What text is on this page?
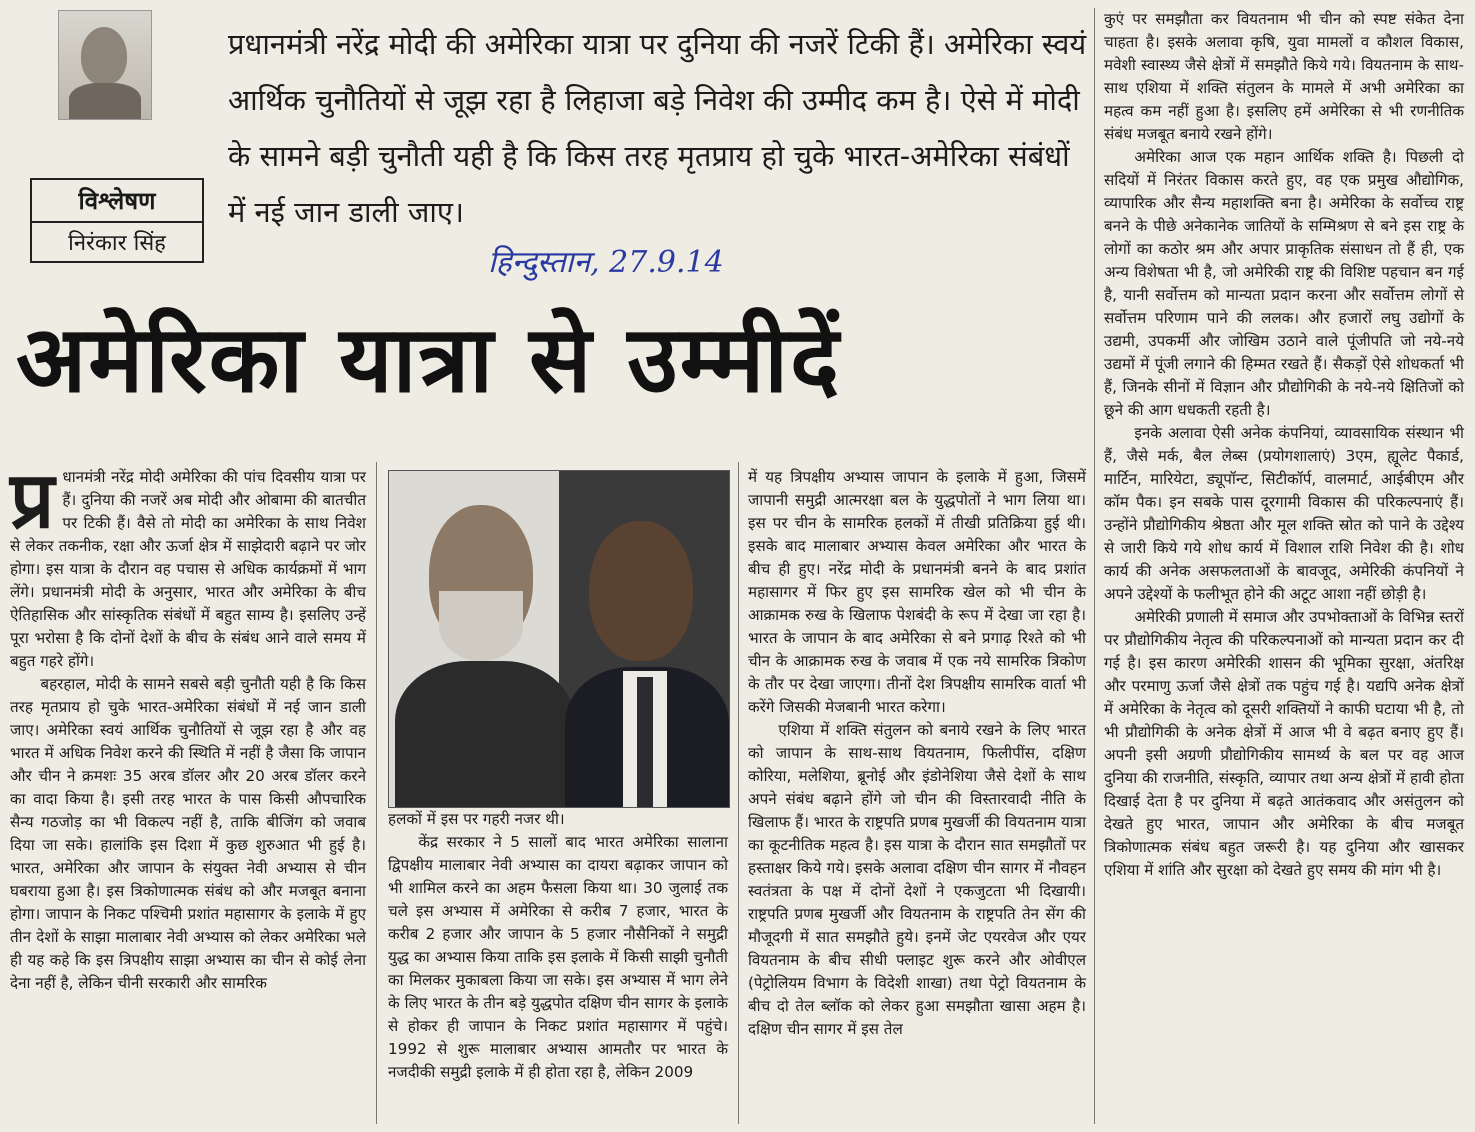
विश्लेषण
निरंकार सिंह
प्रधानमंत्री नरेंद्र मोदी की अमेरिका यात्रा पर दुनिया की नजरें टिकी हैं। अमेरिका स्वयं आर्थिक चुनौतियों से जूझ रहा है लिहाजा बड़े निवेश की उम्मीद कम है। ऐसे में मोदी के सामने बड़ी चुनौती यही है कि किस तरह मृतप्राय हो चुके भारत-अमेरिका संबंधों में नई जान डाली जाए।
हिन्दुस्तान, 27.9.14
अमेरिका यात्रा से उम्मीदें

प्र धानमंत्री नरेंद्र मोदी अमेरिका की पांच दिवसीय यात्रा पर हैं। दुनिया की नजरें अब मोदी और ओबामा की बातचीत पर टिकी हैं। वैसे तो मोदी का अमेरिका के साथ निवेश से लेकर तकनीक, रक्षा और ऊर्जा क्षेत्र में साझेदारी बढ़ाने पर जोर होगा। इस यात्रा के दौरान वह पचास से अधिक कार्यक्रमों में भाग लेंगे। प्रधानमंत्री मोदी के अनुसार, भारत और अमेरिका के बीच ऐतिहासिक और सांस्कृतिक संबंधों में बहुत साम्य है। इसलिए उन्हें पूरा भरोसा है कि दोनों देशों के बीच के संबंध आने वाले समय में बहुत गहरे होंगे।

बहरहाल, मोदी के सामने सबसे बड़ी चुनौती यही है कि किस तरह मृतप्राय हो चुके भारत-अमेरिका संबंधों में नई जान डाली जाए। अमेरिका स्वयं आर्थिक चुनौतियों से जूझ रहा है और वह भारत में अधिक निवेश करने की स्थिति में नहीं है जैसा कि जापान और चीन ने क्रमशः 35 अरब डॉलर और 20 अरब डॉलर करने का वादा किया है। इसी तरह भारत के पास किसी औपचारिक सैन्य गठजोड़ का भी विकल्प नहीं है, ताकि बीजिंग को जवाब दिया जा सके। हालांकि इस दिशा में कुछ शुरुआत भी हुई है। भारत, अमेरिका और जापान के संयुक्त नेवी अभ्यास से चीन घबराया हुआ है। इस त्रिकोणात्मक संबंध को और मजबूत बनाना होगा। जापान के निकट पश्चिमी प्रशांत महासागर के इलाके में हुए तीन देशों के साझा मालाबार नेवी अभ्यास को लेकर अमेरिका भले ही यह कहे कि इस त्रिपक्षीय साझा अभ्यास का चीन से कोई लेना देना नहीं है, लेकिन चीनी सरकारी और सामरिक

हलकों में इस पर गहरी नजर थी।

केंद्र सरकार ने 5 सालों बाद भारत अमेरिका सालाना द्विपक्षीय मालाबार नेवी अभ्यास का दायरा बढ़ाकर जापान को भी शामिल करने का अहम फैसला किया था। 30 जुलाई तक चले इस अभ्यास में अमेरिका से करीब 7 हजार, भारत के करीब 2 हजार और जापान के 5 हजार नौसैनिकों ने समुद्री युद्ध का अभ्यास किया ताकि इस इलाके में किसी साझी चुनौती का मिलकर मुकाबला किया जा सके। इस अभ्यास में भाग लेने के लिए भारत के तीन बड़े युद्धपोत दक्षिण चीन सागर के इलाके से होकर ही जापान के निकट प्रशांत महासागर में पहुंचे। 1992 से शुरू मालाबार अभ्यास आमतौर पर भारत के नजदीकी समुद्री इलाके में ही होता रहा है, लेकिन 2009

में यह त्रिपक्षीय अभ्यास जापान के इलाके में हुआ, जिसमें जापानी समुद्री आत्मरक्षा बल के युद्धपोतों ने भाग लिया था। इस पर चीन के सामरिक हलकों में तीखी प्रतिक्रिया हुई थी। इसके बाद मालाबार अभ्यास केवल अमेरिका और भारत के बीच ही हुए। नरेंद्र मोदी के प्रधानमंत्री बनने के बाद प्रशांत महासागर में फिर हुए इस सामरिक खेल को भी चीन के आक्रामक रुख के खिलाफ पेशबंदी के रूप में देखा जा रहा है। भारत के जापान के बाद अमेरिका से बने प्रगाढ़ रिश्ते को भी चीन के आक्रामक रुख के जवाब में एक नये सामरिक त्रिकोण के तौर पर देखा जाएगा। तीनों देश त्रिपक्षीय सामरिक वार्ता भी करेंगे जिसकी मेजबानी भारत करेगा।

एशिया में शक्ति संतुलन को बनाये रखने के लिए भारत को जापान के साथ-साथ वियतनाम, फिलीपींस, दक्षिण कोरिया, मलेशिया, ब्रूनोई और इंडोनेशिया जैसे देशों के साथ अपने संबंध बढ़ाने होंगे जो चीन की विस्तारवादी नीति के खिलाफ हैं। भारत के राष्ट्रपति प्रणब मुखर्जी की वियतनाम यात्रा का कूटनीतिक महत्व है। इस यात्रा के दौरान सात समझौतों पर हस्ताक्षर किये गये। इसके अलावा दक्षिण चीन सागर में नौवहन स्वतंत्रता के पक्ष में दोनों देशों ने एकजुटता भी दिखायी। राष्ट्रपति प्रणब मुखर्जी और वियतनाम के राष्ट्रपति तेन सेंग की मौजूदगी में सात समझौते हुये। इनमें जेट एयरवेज और एयर वियतनाम के बीच सीधी फ्लाइट शुरू करने और ओवीएल (पेट्रोलियम विभाग के विदेशी शाखा) तथा पेट्रो वियतनाम के बीच दो तेल ब्लॉक को लेकर हुआ समझौता खासा अहम है। दक्षिण चीन सागर में इस तेल

कुएं पर समझौता कर वियतनाम भी चीन को स्पष्ट संकेत देना चाहता है। इसके अलावा कृषि, युवा मामलों व कौशल विकास, मवेशी स्वास्थ्य जैसे क्षेत्रों में समझौते किये गये। वियतनाम के साथ-साथ एशिया में शक्ति संतुलन के मामले में अभी अमेरिका का महत्व कम नहीं हुआ है। इसलिए हमें अमेरिका से भी रणनीतिक संबंध मजबूत बनाये रखने होंगे।

अमेरिका आज एक महान आर्थिक शक्ति है। पिछली दो सदियों में निरंतर विकास करते हुए, वह एक प्रमुख औद्योगिक, व्यापारिक और सैन्य महाशक्ति बना है। अमेरिका के सर्वोच्च राष्ट्र बनने के पीछे अनेकानेक जातियों के सम्मिश्रण से बने इस राष्ट्र के लोगों का कठोर श्रम और अपार प्राकृतिक संसाधन तो हैं ही, एक अन्य विशेषता भी है, जो अमेरिकी राष्ट्र की विशिष्ट पहचान बन गई है, यानी सर्वोत्तम को मान्यता प्रदान करना और सर्वोत्तम लोगों से सर्वोत्तम परिणाम पाने की ललक। और हजारों लघु उद्योगों के उद्यमी, उपकर्मी और जोखिम उठाने वाले पूंजीपति जो नये-नये उद्यमों में पूंजी लगाने की हिम्मत रखते हैं। सैकड़ों ऐसे शोधकर्ता भी हैं, जिनके सीनों में विज्ञान और प्रौद्योगिकी के नये-नये क्षितिजों को छूने की आग धधकती रहती है।

इनके अलावा ऐसी अनेक कंपनियां, व्यावसायिक संस्थान भी हैं, जैसे मर्क, बैल लेब्स (प्रयोगशालाएं) 3एम, ह्यूलेट पैकार्ड, मार्टिन, मारियेटा, ड्यूपॉन्ट, सिटीकॉर्प, वालमार्ट, आईबीएम और कॉम पैक। इन सबके पास दूरगामी विकास की परिकल्पनाएं हैं। उन्होंने प्रौद्योगिकीय श्रेष्ठता और मूल शक्ति स्रोत को पाने के उद्देश्य से जारी किये गये शोध कार्य में विशाल राशि निवेश की है। शोध कार्य की अनेक असफलताओं के बावजूद, अमेरिकी कंपनियों ने अपने उद्देश्यों के फलीभूत होने की अटूट आशा नहीं छोड़ी है।

अमेरिकी प्रणाली में समाज और उपभोक्ताओं के विभिन्न स्तरों पर प्रौद्योगिकीय नेतृत्व की परिकल्पनाओं को मान्यता प्रदान कर दी गई है। इस कारण अमेरिकी शासन की भूमिका सुरक्षा, अंतरिक्ष और परमाणु ऊर्जा जैसे क्षेत्रों तक पहुंच गई है। यद्यपि अनेक क्षेत्रों में अमेरिका के नेतृत्व को दूसरी शक्तियों ने काफी घटाया भी है, तो भी प्रौद्योगिकी के अनेक क्षेत्रों में आज भी वे बढ़त बनाए हुए हैं। अपनी इसी अग्रणी प्रौद्योगिकीय सामर्थ्य के बल पर वह आज दुनिया की राजनीति, संस्कृति, व्यापार तथा अन्य क्षेत्रों में हावी होता दिखाई देता है पर दुनिया में बढ़ते आतंकवाद और असंतुलन को देखते हुए भारत, जापान और अमेरिका के बीच मजबूत त्रिकोणात्मक संबंध बहुत जरूरी है। यह दुनिया और खासकर एशिया में शांति और सुरक्षा को देखते हुए समय की मांग भी है।
